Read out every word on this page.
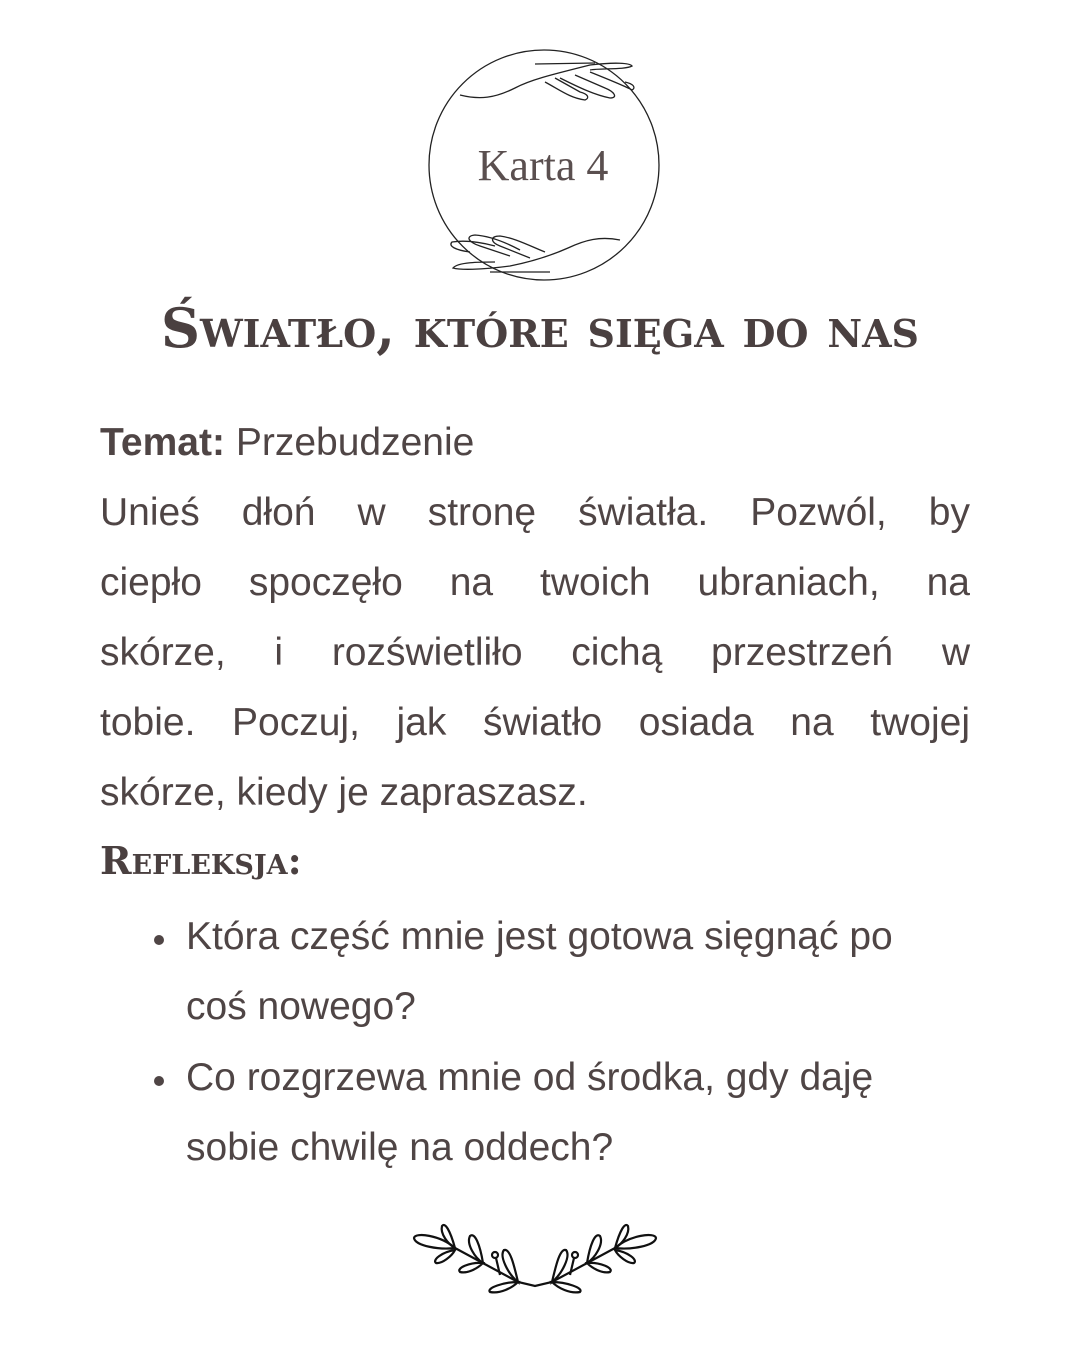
Karta 4
Światło, które sięga do nas
Temat: Przebudzenie
Unieś dłoń w stronę światła. Pozwól, by
ciepło spoczęło na twoich ubraniach, na
skórze, i rozświetliło cichą przestrzeń w
tobie. Poczuj, jak światło osiada na twojej
skórze, kiedy je zapraszasz.
Refleksja:
Która część mnie jest gotowa sięgnąć po
coś nowego?
Co rozgrzewa mnie od środka, gdy daję
sobie chwilę na oddech?
